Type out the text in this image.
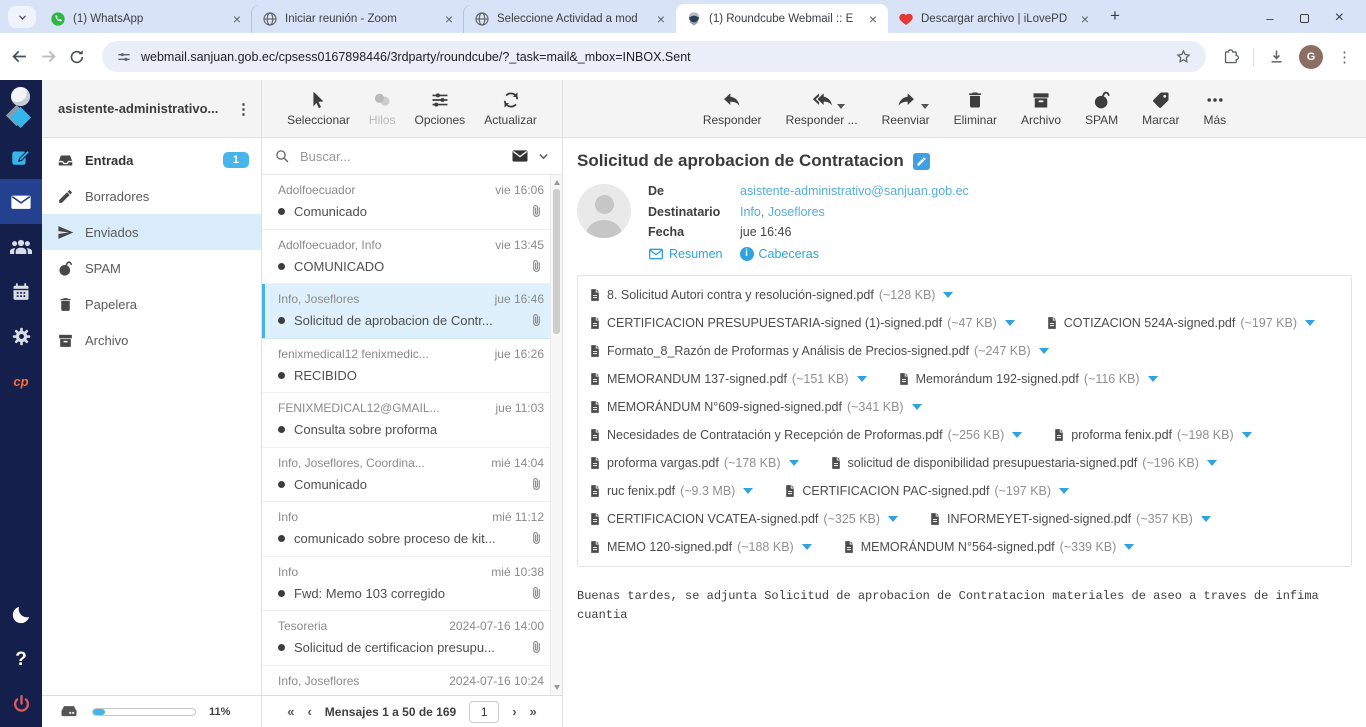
(1) WhatsApp	×	Iniciar reunión - Zoom	×	Seleccione Actividad a mod	×	(1) Roundcube Webmail :: E	×	Descargar archivo | iLovePD × +	–	×
webmail.sanjuan.gob.ec/cpsess0167898446/3rdparty/roundcube/?_task=mail&_mbox=INBOX.Sent	G	⋮
cp
?
asistente-administrativo...	⋮
Entrada	1
Borradores
Enviados
SPAM
Papelera
Archivo
11%
Seleccionar Hilos Opciones Actualizar
Buscar...
Adolfoecuador	vie 16:06
Comunicado
Adolfoecuador, Info	vie 13:45
COMUNICADO
Info, Joseflores	jue 16:46
Solicitud de aprobacion de Contr...
fenixmedical12 fenixmedic...	jue 16:26
RECIBIDO
FENIXMEDICAL12@GMAIL...	jue 11:03
Consulta sobre proforma
Info, Joseflores, Coordina...	mié 14:04
Comunicado
Info	mié 11:12
comunicado sobre proceso de kit...
Info	mié 10:38
Fwd: Memo 103 corregido
Tesoreria	2024-07-16 14:00
Solicitud de certificacion presupu...
Info, Joseflores	2024-07-16 10:24
« ‹ Mensajes 1 a 50 de 169	1	› »
Responder Responder ... Reenviar Eliminar Archivo SPAM Marcar Más
Solicitud de aprobacion de Contratacion
De	asistente-administrativo@sanjuan.gob.ec
Destinatario	Info , Joseflores
Fecha	jue 16:46
Resumen	i Cabeceras
8. Solicitud Autori contra y resolución-signed.pdf (~128 KB)
CERTIFICACION PRESUPUESTARIA-signed (1)-signed.pdf (~47 KB)	COTIZACION 524A-signed.pdf (~197 KB)
Formato_8_Razón de Proformas y Análisis de Precios-signed.pdf (~247 KB)
MEMORANDUM 137-signed.pdf (~151 KB)	Memorándum 192-signed.pdf (~116 KB)
MEMORÁNDUM N°609-signed-signed.pdf (~341 KB)
Necesidades de Contratación y Recepción de Proformas.pdf (~256 KB)	proforma fenix.pdf (~198 KB)
proforma vargas.pdf (~178 KB)	solicitud de disponibilidad presupuestaria-signed.pdf (~196 KB)
ruc fenix.pdf (~9.3 MB)	CERTIFICACION PAC-signed.pdf (~197 KB)
CERTIFICACION VCATEA-signed.pdf (~325 KB)	INFORMEYET-signed-signed.pdf (~357 KB)
MEMO 120-signed.pdf (~188 KB)	MEMORÁNDUM N°564-signed.pdf (~339 KB)
Buenas tardes, se adjunta Solicitud de aprobacion de Contratacion materiales de aseo a traves de infima cuantia
